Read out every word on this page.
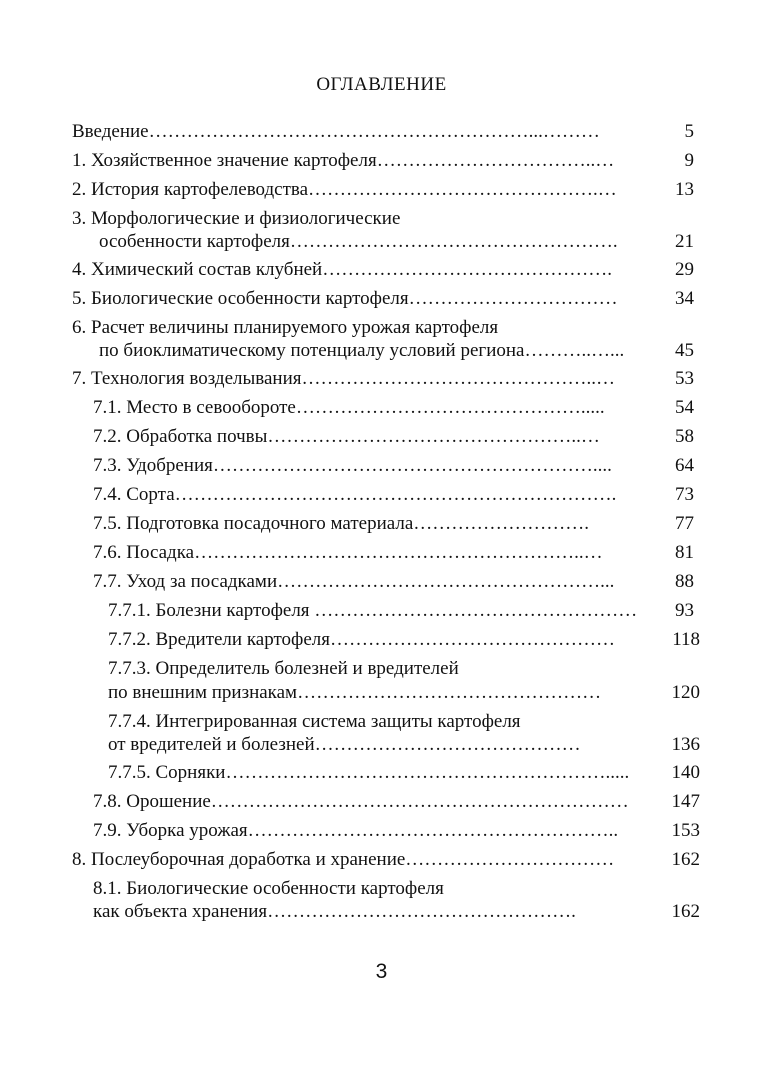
ОГЛАВЛЕНИЕ
Введение……………………………………………………...………	5
1. Хозяйственное значение картофеля……………………………..…	9
2. История картофелеводства……………………………………….…	13
3. Морфологические и физиологические
особенности картофеля…………………………………………….	21
4. Химический состав клубней……………………………………….	29
5. Биологические особенности картофеля……………………………	34
6. Расчет величины планируемого урожая картофеля
по биоклиматическому потенциалу условий региона………..…...	45
7. Технология возделывания………………………………………..…	53
7.1. Место в севообороте……………………………………….....	54
7.2. Обработка почвы…………………………………………..…	58
7.3. Удобрения……………………………………………………....	64
7.4. Сорта…………………………………………………………….	73
7.5. Подготовка посадочного материала……………………….	77
7.6. Посадка……………………………………………………..…	81
7.7. Уход за посадками……………………………………………...	88
7.7.1. Болезни картофеля …………………………………………… 93
7.7.2. Вредители картофеля………………………………………	118
7.7.3. Определитель болезней и вредителей
по внешним признакам…………………………………………	120
7.7.4. Интегрированная система защиты картофеля
от вредителей и болезней……………………………………	136
7.7.5. Сорняки……………………………………………………..... 140
7.8. Орошение………………………………………………………… 147
7.9. Уборка урожая…………………………………………………..	153
8. Послеуборочная доработка и хранение……………………………	162
8.1. Биологические особенности картофеля
как объекта хранения………………………………………….	162
3
